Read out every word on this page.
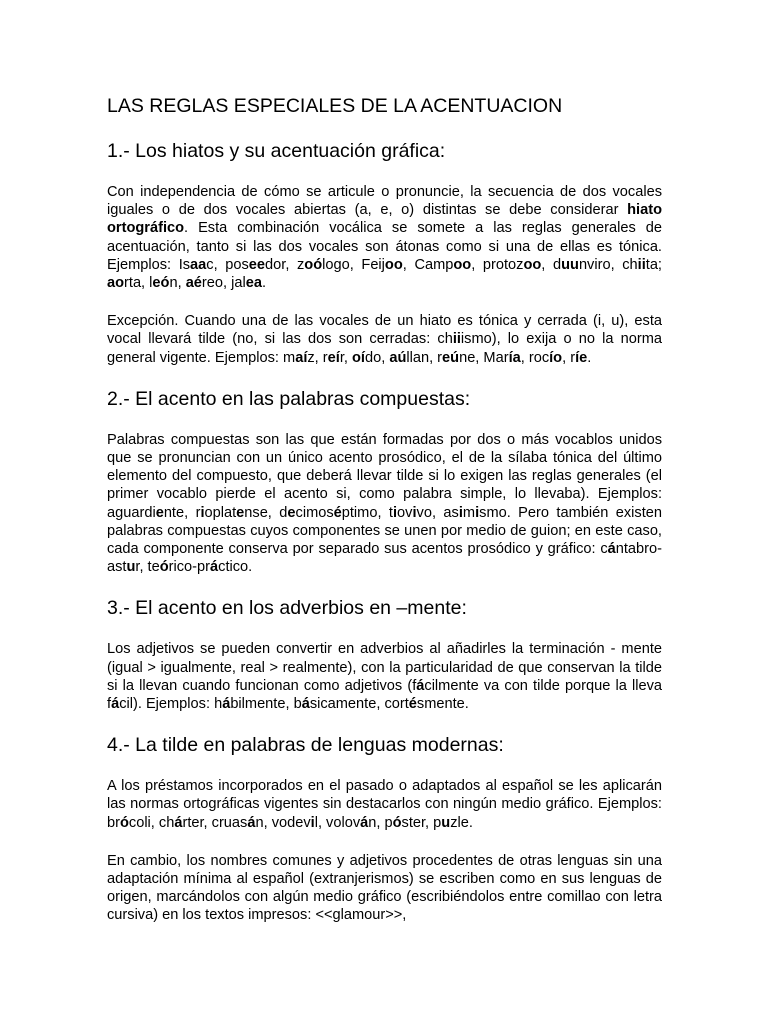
LAS REGLAS ESPECIALES DE LA ACENTUACION
1.- Los hiatos y su acentuación gráfica:

Con independencia de cómo se articule o pronuncie, la secuencia de dos vocales iguales o de dos vocales abiertas (a, e, o) distintas se debe considerar hiato ortográfico. Esta combinación vocálica se somete a las reglas generales de acentuación, tanto si las dos vocales son átonas como si una de ellas es tónica. Ejemplos: Isaac, poseedor, zoólogo, Feijoo, Campoo, protozoo, duunviro, chiita; aorta, león, aéreo, jalea.

Excepción. Cuando una de las vocales de un hiato es tónica y cerrada (i, u), esta vocal llevará tilde (no, si las dos son cerradas: chiiismo), lo exija o no la norma general vigente. Ejemplos: maíz, reír, oído, aúllan, reúne, María, rocío, ríe.

2.- El acento en las palabras compuestas:

Palabras compuestas son las que están formadas por dos o más vocablos unidos que se pronuncian con un único acento prosódico, el de la sílaba tónica del último elemento del compuesto, que deberá llevar tilde si lo exigen las reglas generales (el primer vocablo pierde el acento si, como palabra simple, lo llevaba). Ejemplos: aguardiente, rioplatense, decimoséptimo, tiovivo, asimismo. Pero también existen palabras compuestas cuyos componentes se unen por medio de guion; en este caso, cada componente conserva por separado sus acentos prosódico y gráfico: cántabro-astur, teórico-práctico.

3.- El acento en los adverbios en –mente:

Los adjetivos se pueden convertir en adverbios al añadirles la terminación - mente (igual > igualmente, real > realmente), con la particularidad de que conservan la tilde si la llevan cuando funcionan como adjetivos (fácilmente va con tilde porque la lleva fácil). Ejemplos: hábilmente, básicamente, cortésmente.

4.- La tilde en palabras de lenguas modernas:

A los préstamos incorporados en el pasado o adaptados al español se les aplicarán las normas ortográficas vigentes sin destacarlos con ningún medio gráfico. Ejemplos: brócoli, chárter, cruasán, vodevil, volován, póster, puzle.

En cambio, los nombres comunes y adjetivos procedentes de otras lenguas sin una adaptación mínima al español (extranjerismos) se escriben como en sus lenguas de origen, marcándolos con algún medio gráfico (escribiéndolos entre comillao con letra cursiva) en los textos impresos: <<glamour>>,
